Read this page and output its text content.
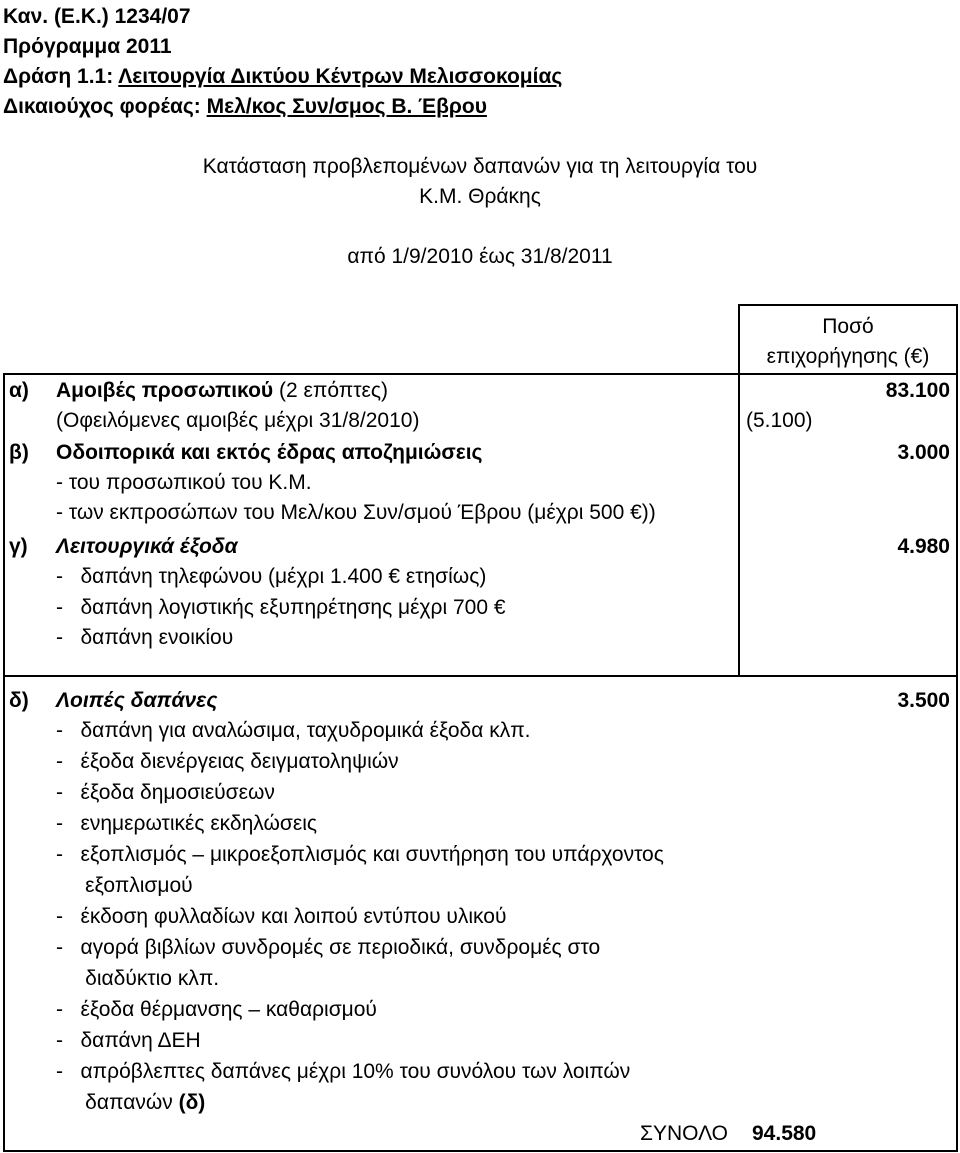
Καν. (Ε.Κ.) 1234/07
Πρόγραμμα 2011
Δράση 1.1: Λειτουργία Δικτύου Κέντρων Μελισσοκομίας
Δικαιούχος φορέας: Μελ/κος Συν/σμος Β. Έβρου
Κατάσταση προβλεπομένων δαπανών για τη λειτουργία του
Κ.Μ. Θράκης
από 1/9/2010 έως 31/8/2011
Ποσό
επιχορήγησης (€)
α) Αμοιβές προσωπικού (2 επόπτες)	83.100
(Οφειλόμενες αμοιβές μέχρι 31/8/2010)	(5.100)
β) Οδοιπορικά και εκτός έδρας αποζημιώσεις	3.000
- του προσωπικού του Κ.Μ.
- των εκπροσώπων του Μελ/κου Συν/σμού Έβρου (μέχρι 500 €))
γ) Λειτουργικά έξοδα	4.980
-   δαπάνη τηλεφώνου (μέχρι 1.400 € ετησίως)
-   δαπάνη λογιστικής εξυπηρέτησης μέχρι 700 €
-   δαπάνη ενοικίου
δ) Λοιπές δαπάνες	3.500
-   δαπάνη για αναλώσιμα, ταχυδρομικά έξοδα κλπ.
-   έξοδα διενέργειας δειγματοληψιών
-   έξοδα δημοσιεύσεων
-   ενημερωτικές εκδηλώσεις
-   εξοπλισμός – μικροεξοπλισμός και συντήρηση του υπάρχοντος
εξοπλισμού
-   έκδοση φυλλαδίων και λοιπού εντύπου υλικού
-   αγορά βιβλίων συνδρομές σε περιοδικά, συνδρομές στο
διαδύκτιο κλπ.
-   έξοδα θέρμανσης – καθαρισμού
-   δαπάνη ΔΕΗ
-   απρόβλεπτες δαπάνες μέχρι 10% του συνόλου των λοιπών
δαπανών (δ)
ΣΥΝΟΛΟ 94.580
